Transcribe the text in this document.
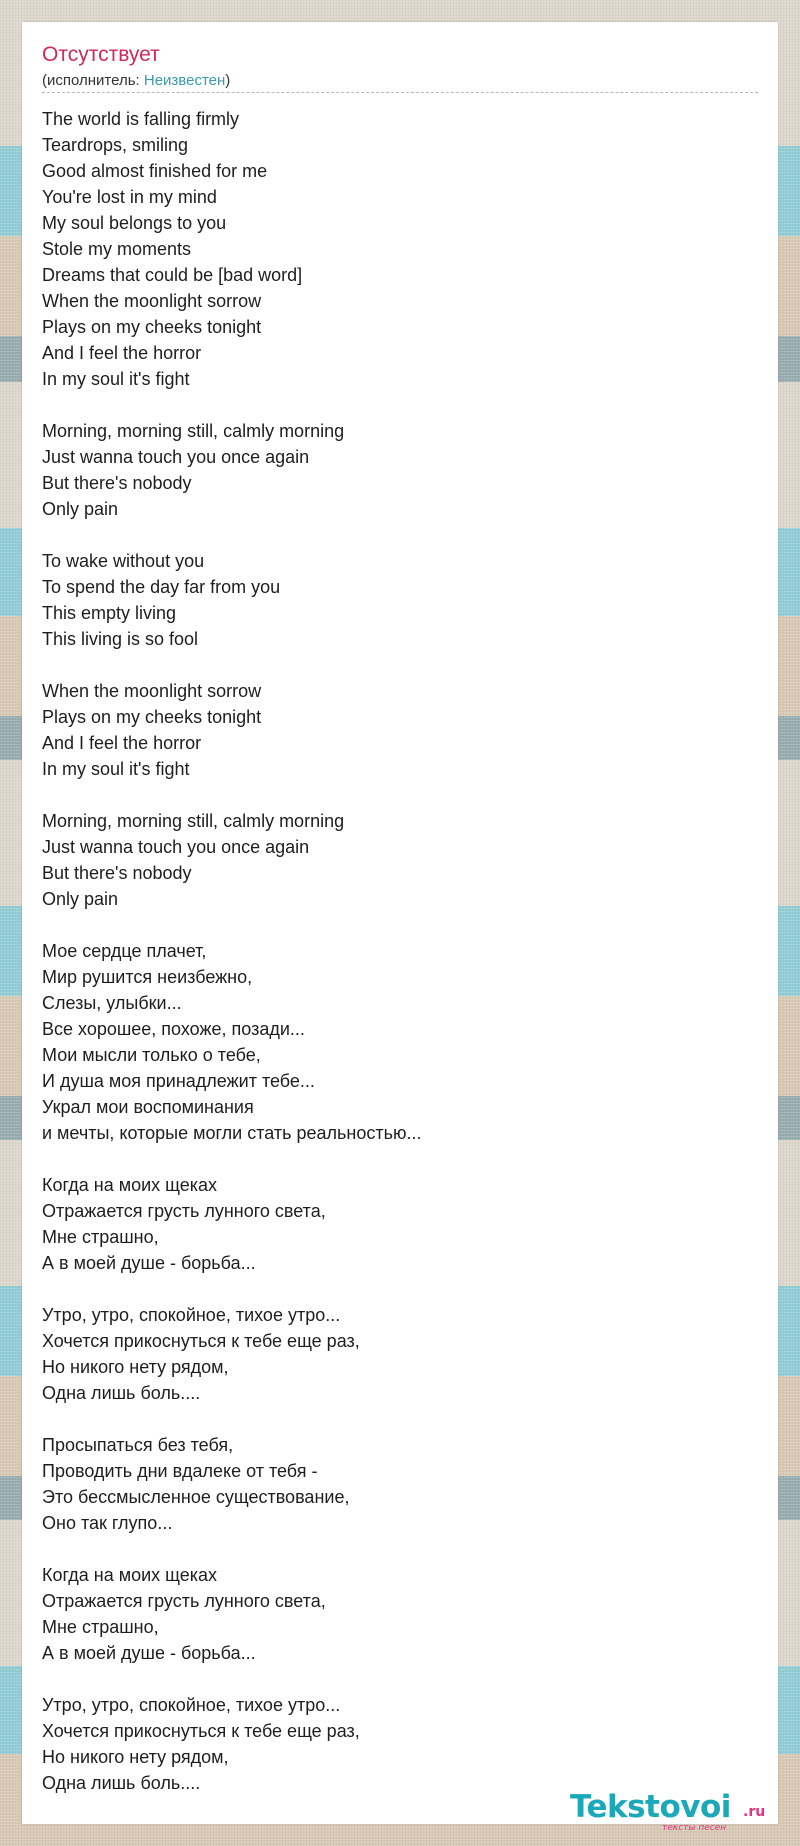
Отсутствует
(исполнитель: Неизвестен)
The world is falling firmly
Teardrops, smiling
Good almost finished for me
You're lost in my mind
My soul belongs to you
Stole my moments
Dreams that could be [bad word]
When the moonlight sorrow
Plays on my cheeks tonight
And I feel the horror
In my soul it's fight
Morning, morning still, calmly morning
Just wanna touch you once again
But there's nobody
Only pain
To wake without you
To spend the day far from you
This empty living
This living is so fool
When the moonlight sorrow
Plays on my cheeks tonight
And I feel the horror
In my soul it's fight
Morning, morning still, calmly morning
Just wanna touch you once again
But there's nobody
Only pain
Мое сердце плачет,
Мир рушится неизбежно,
Слезы, улыбки...
Все хорошее, похоже, позади...
Мои мысли только о тебе,
И душа моя принадлежит тебе...
Украл мои воспоминания
и мечты, которые могли стать реальностью...
Когда на моих щеках
Отражается грусть лунного света,
Мне страшно,
А в моей душе - борьба...
Утро, утро, спокойное, тихое утро...
Хочется прикоснуться к тебе еще раз,
Но никого нету рядом,
Одна лишь боль....
Просыпаться без тебя,
Проводить дни вдалеке от тебя -
Это бессмысленное существование,
Оно так глупо...
Когда на моих щеках
Отражается грусть лунного света,
Мне страшно,
А в моей душе - борьба...
Утро, утро, спокойное, тихое утро...
Хочется прикоснуться к тебе еще раз,
Но никого нету рядом,
Одна лишь боль....
Tekstovoi .ru
тексты песен
